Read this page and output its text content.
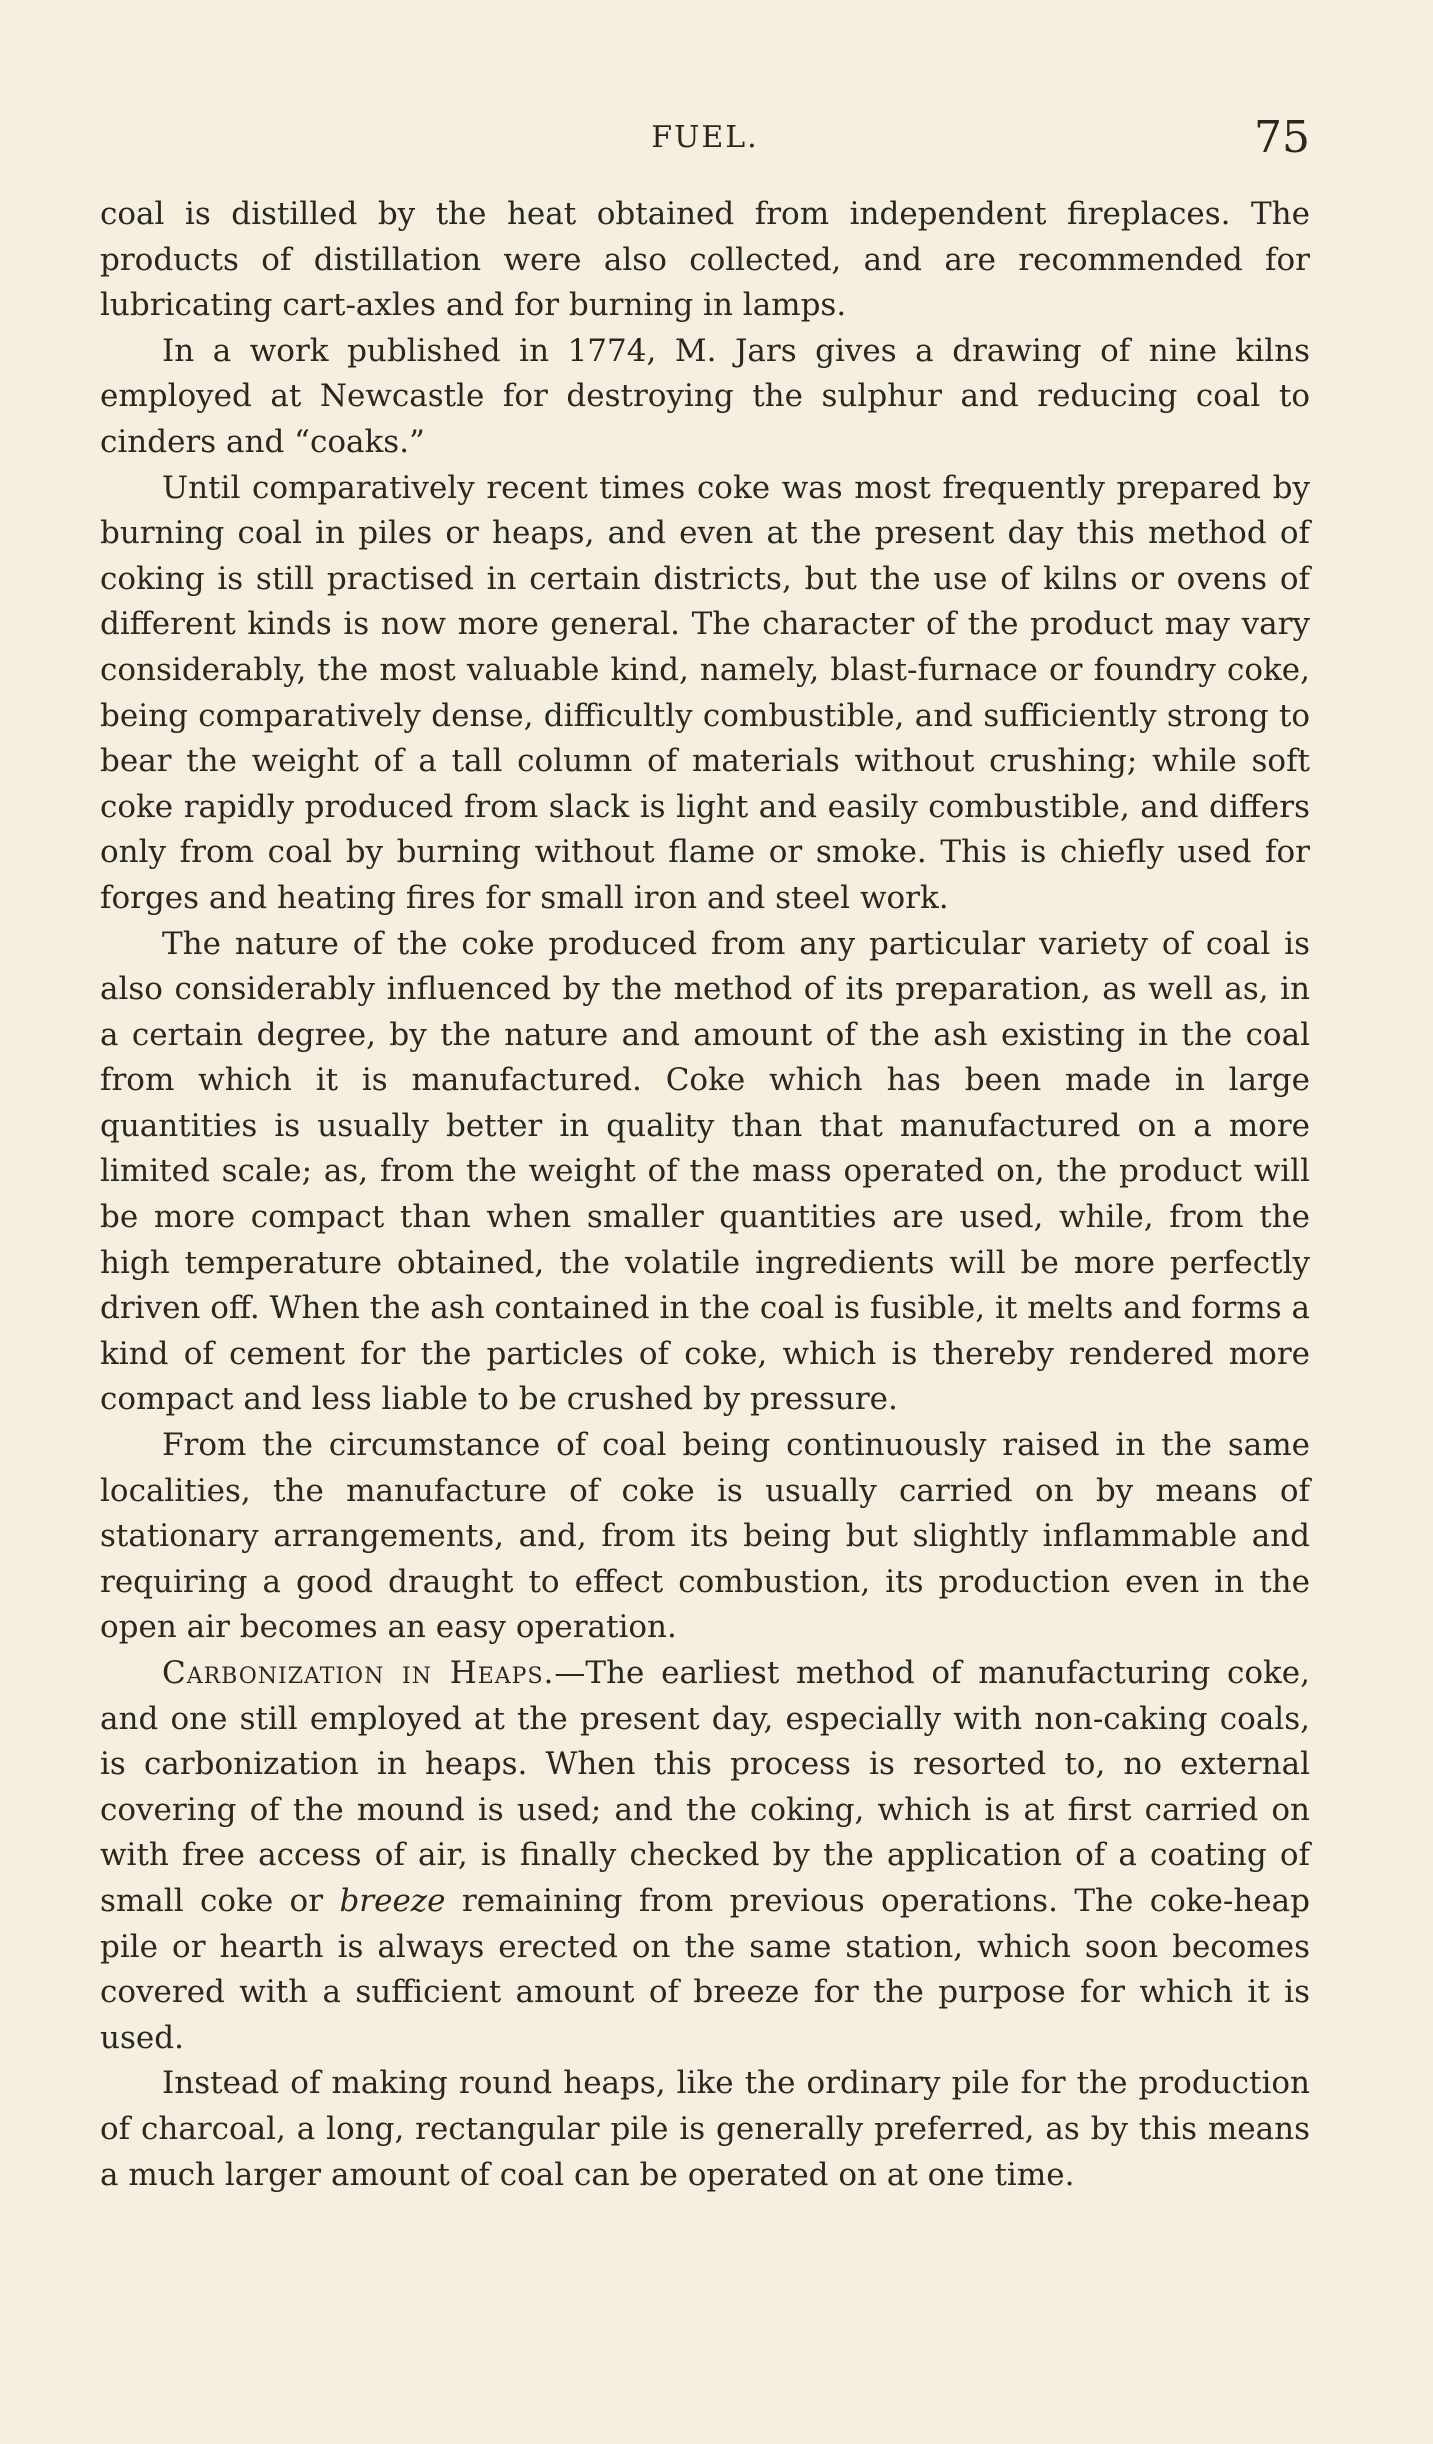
FUEL.	75

coal is distilled by the heat obtained from independent fireplaces. The products of distillation were also collected, and are recommended for lubricating cart-axles and for burning in lamps.

In a work published in 1774, M. Jars gives a drawing of nine kilns employed at Newcastle for destroying the sulphur and reducing coal to cinders and “coaks.”

Until comparatively recent times coke was most frequently prepared by burning coal in piles or heaps, and even at the present day this method of coking is still practised in certain districts, but the use of kilns or ovens of different kinds is now more general. The character of the product may vary considerably, the most valuable kind, namely, blast-furnace or foundry coke, being comparatively dense, difficultly combustible, and sufficiently strong to bear the weight of a tall column of materials without crushing; while soft coke rapidly produced from slack is light and easily combustible, and differs only from coal by burning without flame or smoke. This is chiefly used for forges and heating fires for small iron and steel work.

The nature of the coke produced from any particular variety of coal is also considerably influenced by the method of its preparation, as well as, in a certain degree, by the nature and amount of the ash existing in the coal from which it is manufactured. Coke which has been made in large quantities is usually better in quality than that manufactured on a more limited scale; as, from the weight of the mass operated on, the product will be more compact than when smaller quantities are used, while, from the high temperature obtained, the volatile ingredients will be more perfectly driven off. When the ash contained in the coal is fusible, it melts and forms a kind of cement for the particles of coke, which is thereby rendered more compact and less liable to be crushed by pressure.

From the circumstance of coal being continuously raised in the same localities, the manufacture of coke is usually carried on by means of stationary arrangements, and, from its being but slightly inflammable and requiring a good draught to effect combustion, its production even in the open air becomes an easy operation.

Carbonization in Heaps.—The earliest method of manufacturing coke, and one still employed at the present day, especially with non-caking coals, is carbonization in heaps. When this process is resorted to, no external covering of the mound is used; and the coking, which is at first carried on with free access of air, is finally checked by the application of a coating of small coke or breeze remaining from previous operations. The coke-heap pile or hearth is always erected on the same station, which soon becomes covered with a sufficient amount of breeze for the purpose for which it is used.

Instead of making round heaps, like the ordinary pile for the production of charcoal, a long, rectangular pile is generally preferred, as by this means a much larger amount of coal can be operated on at one time.
